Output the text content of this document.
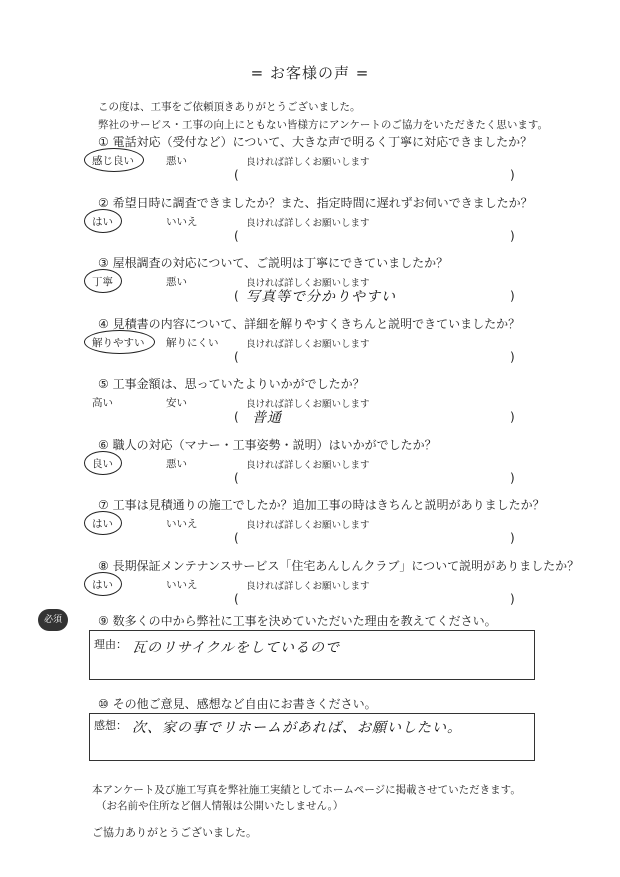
= お客様の声 =
この度は、工事をご依頼頂きありがとうございました。
弊社のサービス・工事の向上にともない皆様方にアンケートのご協力をいただきたく思います。
① 電話対応（受付など）について、大きな声で明るく丁寧に対応できましたか？
感じ良い	悪い	良ければ詳しくお願いします
(	)
② 希望日時に調査できましたか？また、指定時間に遅れずお伺いできましたか？
はい	いいえ	良ければ詳しくお願いします
(	)
③ 屋根調査の対応について、ご説明は丁寧にできていましたか？
丁寧	悪い	良ければ詳しくお願いします
(	)
写真等で分かりやすい
④ 見積書の内容について、詳細を解りやすくきちんと説明できていましたか？
解りやすい 解りにくい	良ければ詳しくお願いします
(	)
⑤ 工事金額は、思っていたよりいかがでしたか？
高い	安い	良ければ詳しくお願いします
(	)
普通
⑥ 職人の対応（マナー・工事姿勢・説明）はいかがでしたか？
良い	悪い	良ければ詳しくお願いします
(	)
⑦ 工事は見積通りの施工でしたか？追加工事の時はきちんと説明がありましたか？
はい	いいえ	良ければ詳しくお願いします
(	)
⑧ 長期保証メンテナンスサービス「住宅あんしんクラブ」について説明がありましたか？
はい	いいえ	良ければ詳しくお願いします
(	)
必須	⑨ 数多くの中から弊社に工事を決めていただいた理由を教えてください。
理由： 瓦のリサイクルをしているので
⑩ その他ご意見、感想など自由にお書きください。
感想： 次、家の事でリホームがあれば、お願いしたい。
本アンケート及び施工写真を弊社施工実績としてホームページに掲載させていただきます。
（お名前や住所など個人情報は公開いたしません。）
ご協力ありがとうございました。
